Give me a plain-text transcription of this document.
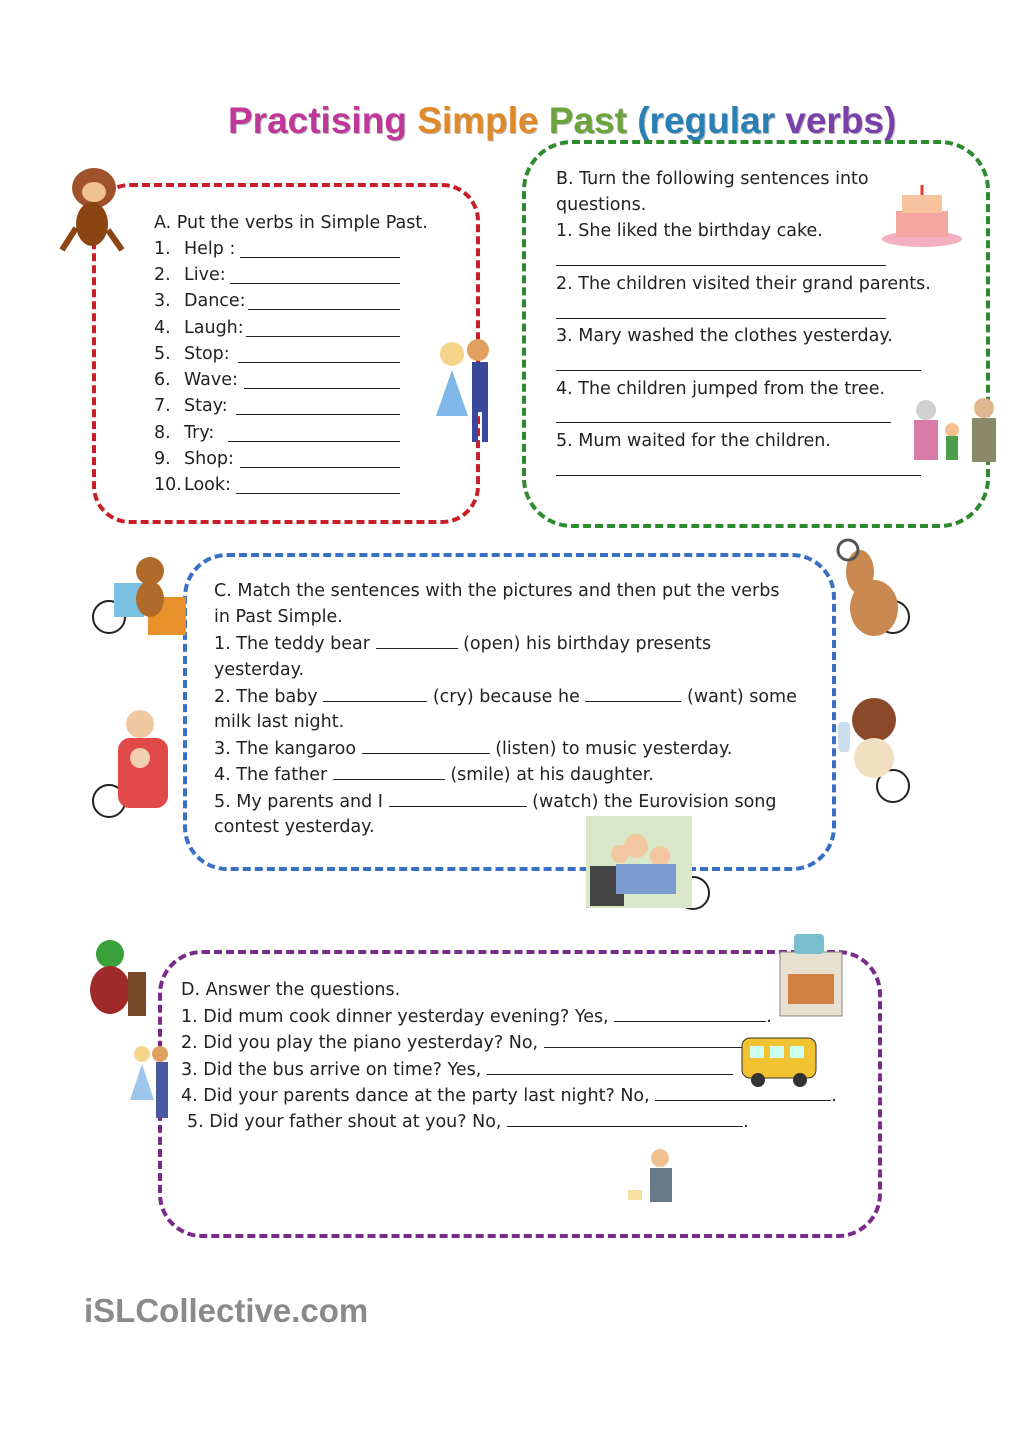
Practising Simple Past (regular verbs)
A. Put the verbs in Simple Past.
1. Help :
2. Live:
3. Dance:
4. Laugh:
5. Stop:
6. Wave:
7. Stay:
8. Try:
9. Shop:
10. Look:
B. Turn the following sentences into
questions.
1. She liked the birthday cake.
2. The children visited their grand parents.
3. Mary washed the clothes yesterday.
4. The children jumped from the tree.
5. Mum waited for the children.
C. Match the sentences with the pictures and then put the verbs
in Past Simple.
1. The teddy bear	(open) his birthday presents
yesterday.
2. The baby	(cry) because he	(want) some
milk last night.
3. The kangaroo	(listen) to music yesterday.
4. The father	(smile) at his daughter.
5. My parents and I	(watch) the Eurovision song
contest yesterday.
D. Answer the questions.
1. Did mum cook dinner yesterday evening? Yes,	.
2. Did you play the piano yesterday? No,
3. Did the bus arrive on time? Yes,
4. Did your parents dance at the party last night? No,	.
5. Did your father shout at you? No,	.
iSLCollective.com
